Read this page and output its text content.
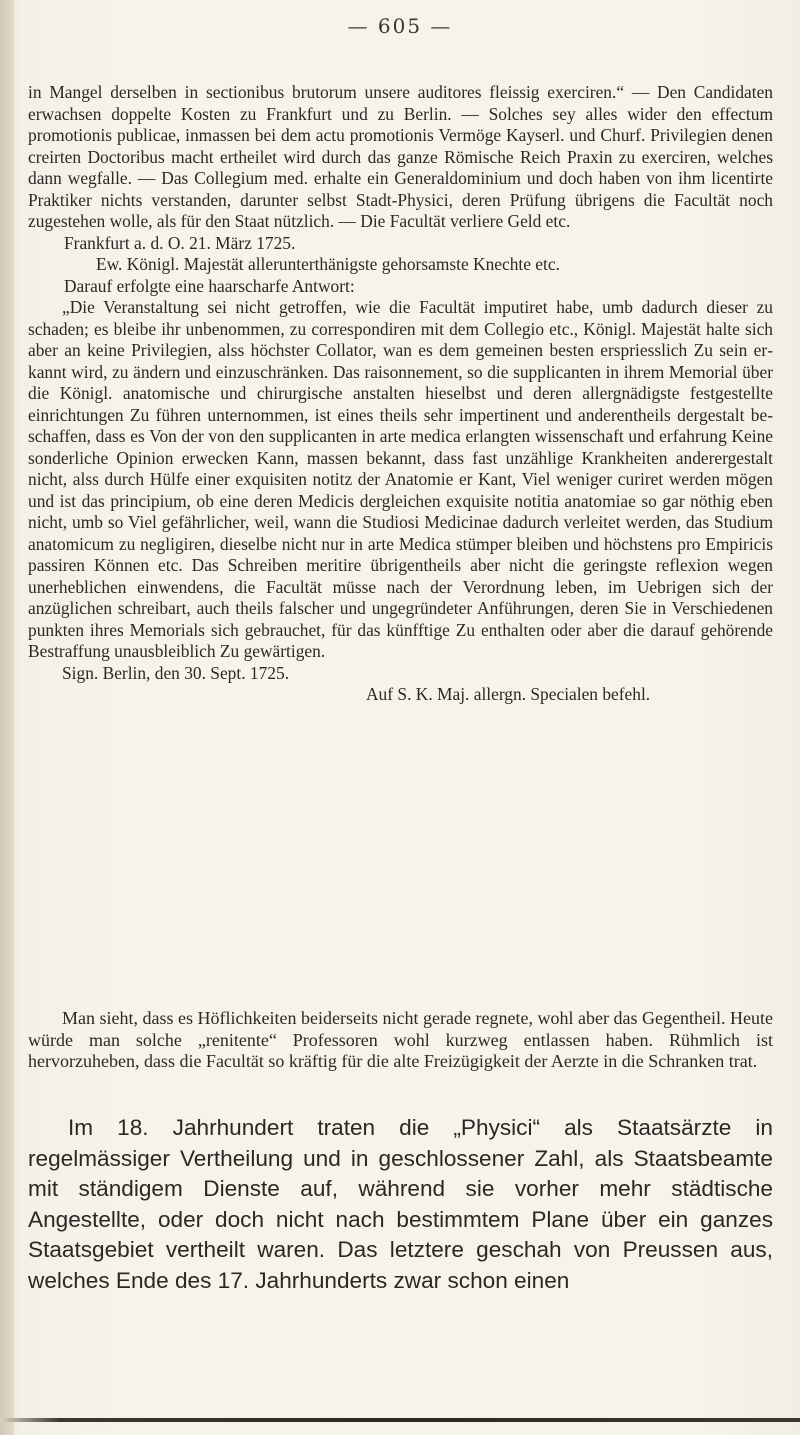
— 605 —

in Mangel derselben in sectionibus brutorum unsere auditores fleissig exerciren.“ — Den Candidaten erwachsen doppelte Kosten zu Frankfurt und zu Berlin. — Solches sey alles wider den effectum promotionis publicae, inmassen bei dem actu promotionis Vermöge Kayserl. und Churf. Privilegien denen creirten Doctoribus macht ertheilet wird durch das ganze Römische Reich Praxin zu exerciren, welches dann wegfalle. — Das Collegium med. erhalte ein Generaldominium und doch haben von ihm licentirte Praktiker nichts verstanden, darunter selbst Stadt-Physici, deren Prüfung übrigens die Facultät noch zugestehen wolle, als für den Staat nützlich. — Die Facultät verliere Geld etc.

Frankfurt a. d. O. 21. März 1725.

Ew. Königl. Majestät allerunterthänigste gehorsamste Knechte etc.

Darauf erfolgte eine haarscharfe Antwort:

„Die Veranstaltung sei nicht getroffen, wie die Facultät imputiret habe, umb dadurch dieser zu schaden; es bleibe ihr unbenommen, zu correspondiren mit dem Collegio etc., Königl. Majestät halte sich aber an keine Privilegien, alss höchster Collator, wan es dem gemeinen besten erspriesslich Zu sein erkannt wird, zu ändern und einzuschränken. Das raisonnement, so die supplicanten in ihrem Memorial über die Königl. anatomische und chirurgische anstalten hieselbst und deren allergnädigste festgestellte einrichtungen Zu führen unternommen, ist eines theils sehr impertinent und anderentheils dergestalt beschaffen, dass es Von der von den supplicanten in arte medica erlangten wissenschaft und erfahrung Keine sonderliche Opinion erwecken Kann, massen bekannt, dass fast unzählige Krankheiten anderergestalt nicht, alss durch Hülfe einer exquisiten notitz der Anatomie er Kant, Viel weniger curiret werden mögen und ist das principium, ob eine deren Medicis dergleichen exquisite notitia anatomiae so gar nöthig eben nicht, umb so Viel gefährlicher, weil, wann die Studiosi Medicinae dadurch verleitet werden, das Studium anatomicum zu negligiren, dieselbe nicht nur in arte Medica stümper bleiben und höchstens pro Empiricis passiren Können etc. Das Schreiben meritire übrigentheils aber nicht die geringste reflexion wegen unerheblichen einwendens, die Facultät müsse nach der Verordnung leben, im Uebrigen sich der anzüglichen schreibart, auch theils falscher und ungegründeter Anführungen, deren Sie in Verschiedenen punkten ihres Memorials sich gebrauchet, für das künfftige Zu enthalten oder aber die darauf gehörende Bestraffung unausbleiblich Zu gewärtigen.

Sign. Berlin, den 30. Sept. 1725.

Auf S. K. Maj. allergn. Specialen befehl.

Man sieht, dass es Höflichkeiten beiderseits nicht gerade regnete, wohl aber das Gegentheil. Heute würde man solche „renitente“ Professoren wohl kurzweg entlassen haben. Rühmlich ist hervorzuheben, dass die Facultät so kräftig für die alte Freizügigkeit der Aerzte in die Schranken trat.

Im 18. Jahrhundert traten die „Physici“ als Staatsärzte in regelmässiger Vertheilung und in geschlossener Zahl, als Staatsbeamte mit ständigem Dienste auf, während sie vorher mehr städtische Angestellte, oder doch nicht nach bestimmtem Plane über ein ganzes Staatsgebiet vertheilt waren. Das letztere geschah von Preussen aus, welches Ende des 17. Jahrhunderts zwar schon einen
